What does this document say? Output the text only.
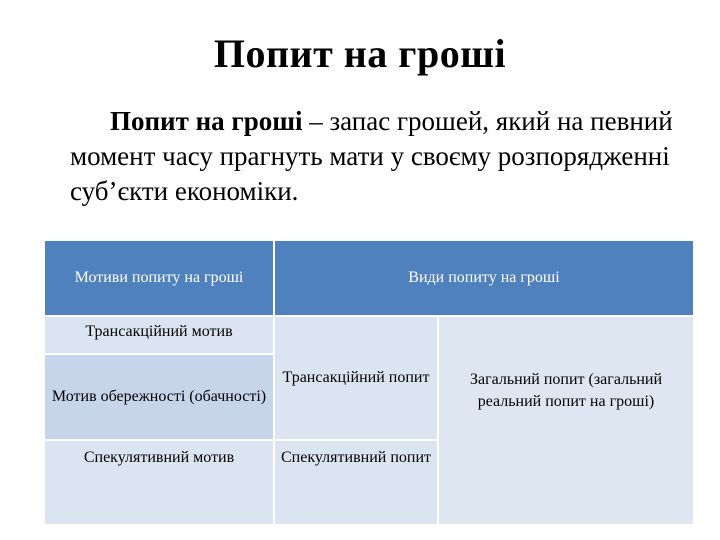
Попит на гроші
Попит на гроші – запас грошей, який на певний момент часу прагнуть мати у своєму розпорядженні суб’єкти економіки.
Мотиви попиту на гроші	Види попиту на гроші	
Трансакційний мотив	Трансакційний попит	Загальний попит (загальний реальний попит на гроші)
Мотив обережності (обачності)		
Спекулятивний мотив	Спекулятивний попит	
